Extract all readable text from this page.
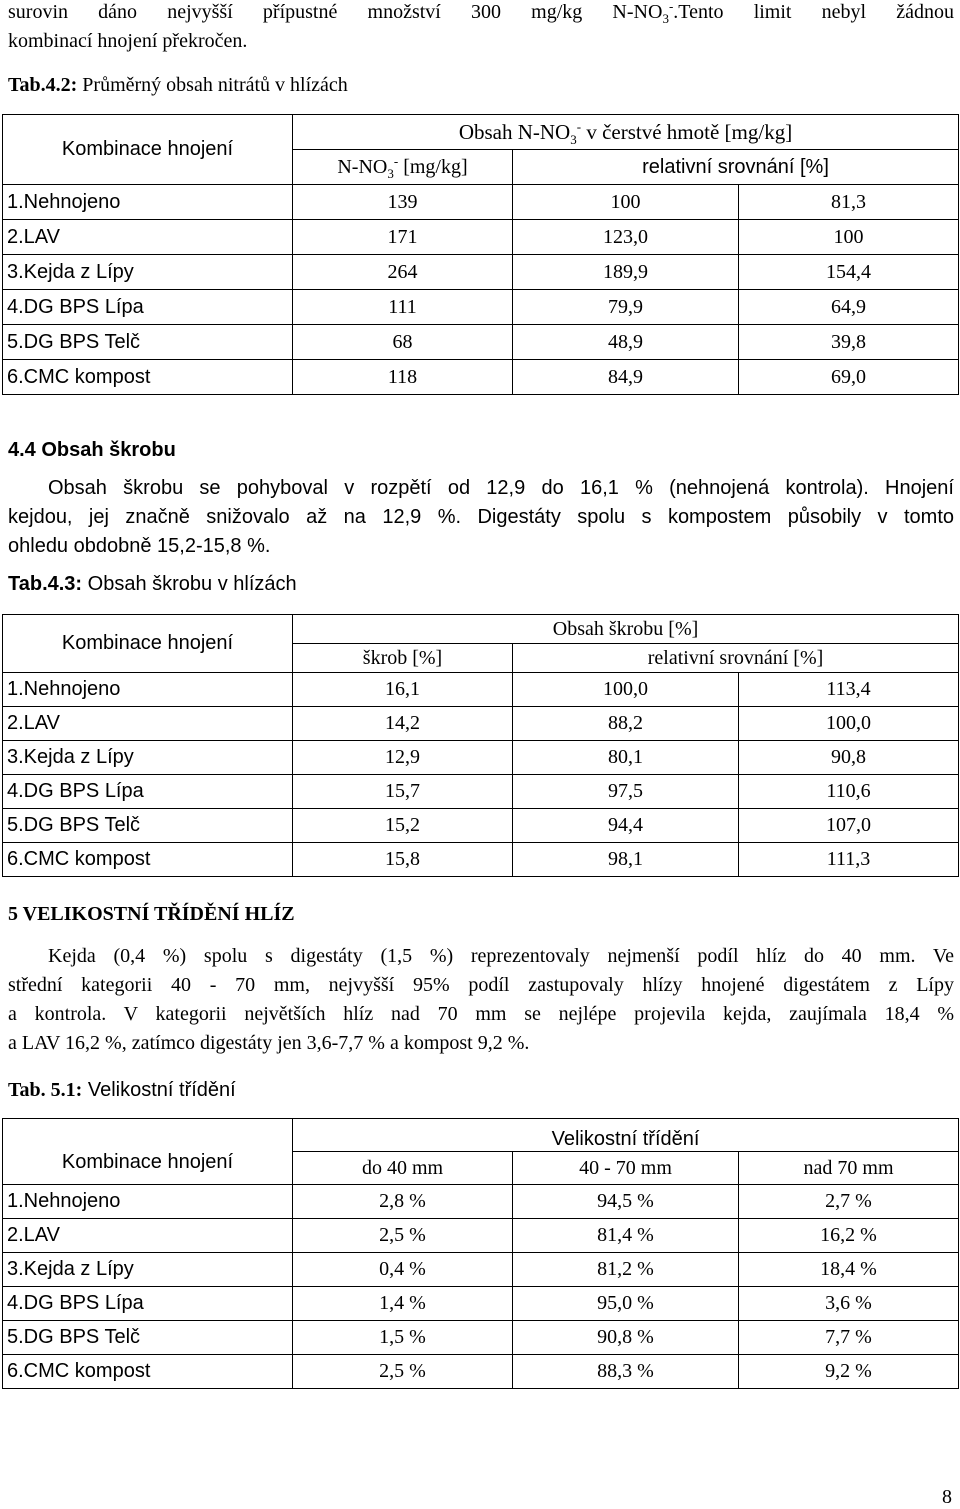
surovin dáno nejvyšší přípustné množství 300 mg/kg $N-NO_3^-.Tento$ limit nebyl žádnou

kombinací hnojení překročen.

Tab.4.2: Průměrný obsah nitrátů v hlízách

Kombinace hnojení	Obsah $N-NO_3^-$ v čerstvé hmotě [mg/kg]		
	$N-NO_3^-$ [mg/kg]	relativní srovnání [%]	
1.Nehnojeno	139	100	81,3
2.LAV	171	123,0	100
3.Kejda z Lípy	264	189,9	154,4
4.DG BPS Lípa	111	79,9	64,9
5.DG BPS Telč	68	48,9	39,8
6.CMC kompost	118	84,9	69,0

4.4 Obsah škrobu

Obsah škrobu se pohyboval v rozpětí od 12,9 do 16,1 % (nehnojená kontrola). Hnojení

kejdou, jej značně snižovalo až na 12,9 %. Digestáty spolu s kompostem působily v tomto

ohledu obdobně 15,2-15,8 %.

Tab.4.3: Obsah škrobu v hlízách

Kombinace hnojení	Obsah škrobu [%]		
	škrob [%]	relativní srovnání [%]	
1.Nehnojeno	16,1	100,0	113,4
2.LAV	14,2	88,2	100,0
3.Kejda z Lípy	12,9	80,1	90,8
4.DG BPS Lípa	15,7	97,5	110,6
5.DG BPS Telč	15,2	94,4	107,0
6.CMC kompost	15,8	98,1	111,3

5 VELIKOSTNÍ TŘÍDĚNÍ HLÍZ

Kejda (0,4 %) spolu s digestáty (1,5 %) reprezentovaly nejmenší podíl hlíz do 40 mm. Ve

střední kategorii 40 - 70 mm, nejvyšší 95% podíl zastupovaly hlízy hnojené digestátem z Lípy

a kontrola. V kategorii největších hlíz nad 70 mm se nejlépe projevila kejda, zaujímala 18,4 %

a LAV 16,2 %, zatímco digestáty jen 3,6-7,7 % a kompost 9,2 %.

Tab. 5.1: Velikostní třídění

Kombinace hnojení	Velikostní třídění		
	do 40 mm	40 - 70 mm	nad 70 mm
1.Nehnojeno	2,8 %	94,5 %	2,7 %
2.LAV	2,5 %	81,4 %	16,2 %
3.Kejda z Lípy	0,4 %	81,2 %	18,4 %
4.DG BPS Lípa	1,4 %	95,0 %	3,6 %
5.DG BPS Telč	1,5 %	90,8 %	7,7 %
6.CMC kompost	2,5 %	88,3 %	9,2 %
8
